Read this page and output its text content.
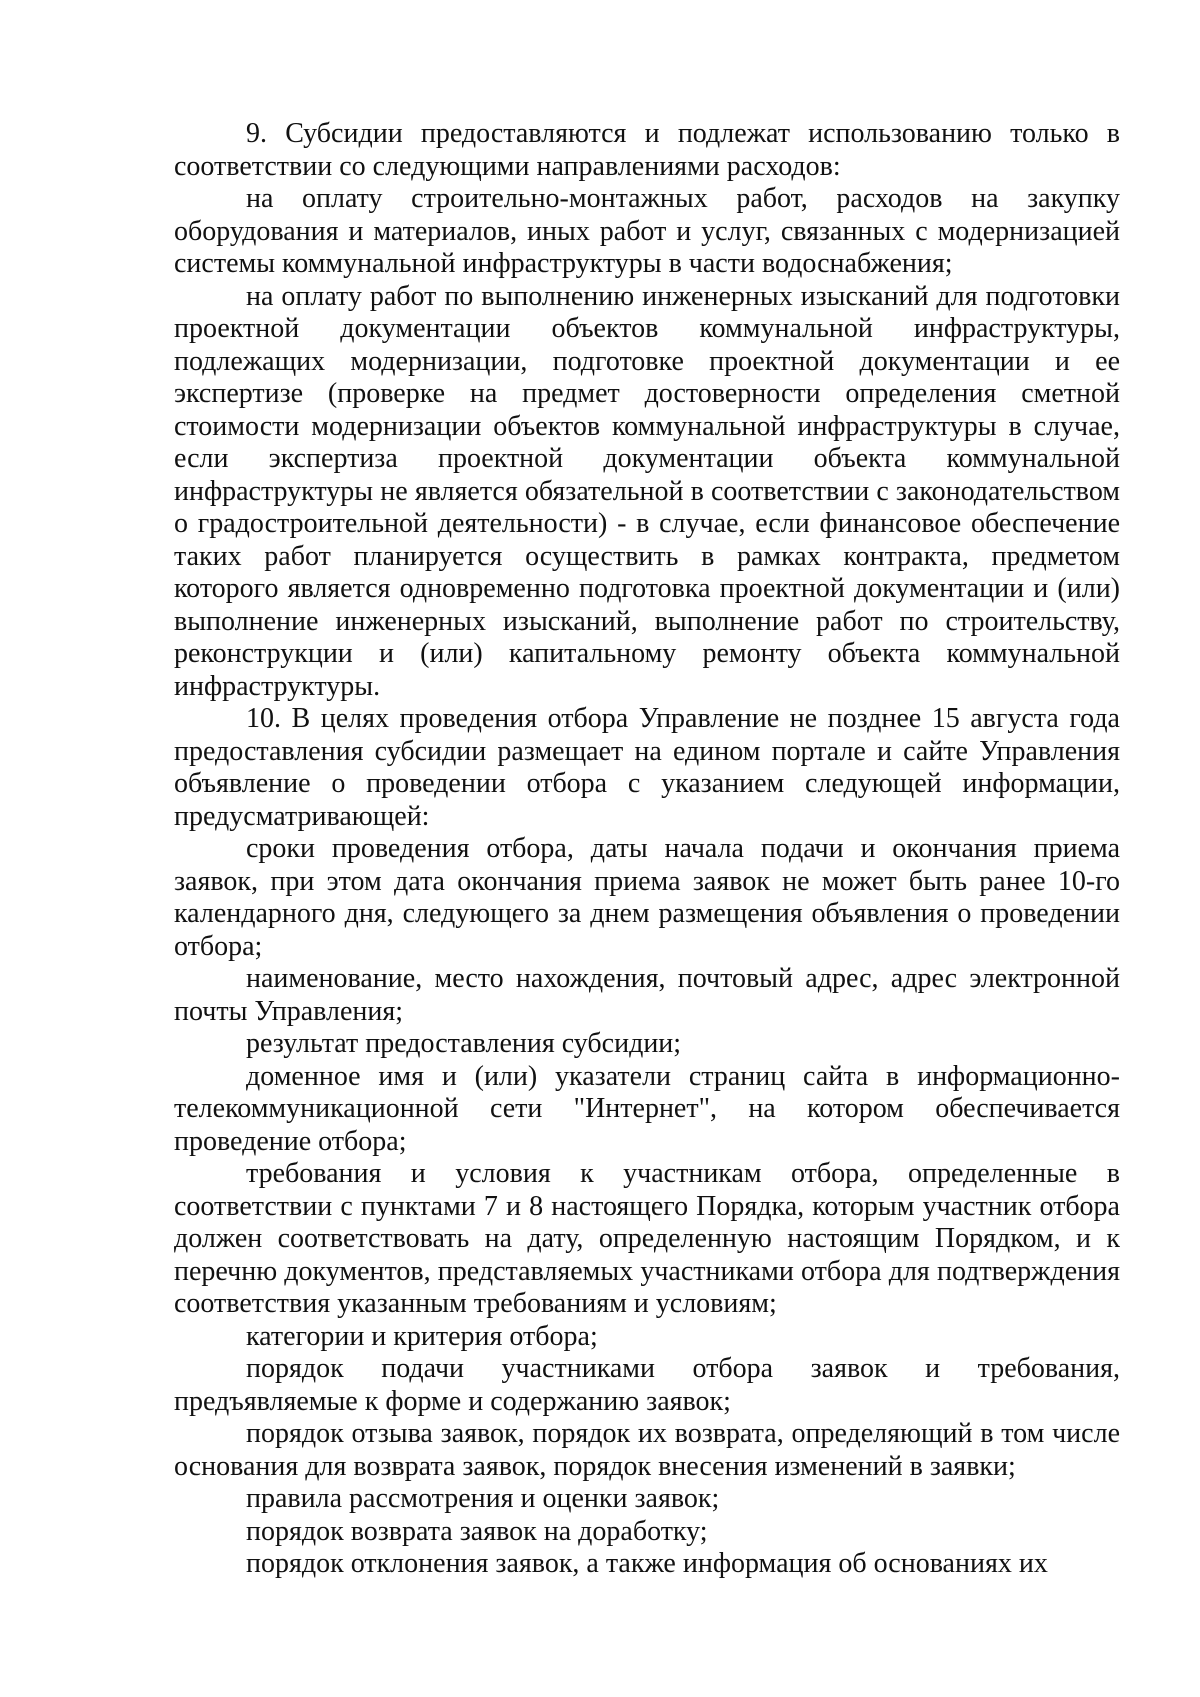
9. Субсидии предоставляются и подлежат использованию только в соответствии со следующими направлениями расходов:

на оплату строительно-монтажных работ, расходов на закупку оборудования и материалов, иных работ и услуг, связанных с модернизацией системы коммунальной инфраструктуры в части водоснабжения;

на оплату работ по выполнению инженерных изысканий для подготовки проектной документации объектов коммунальной инфраструктуры, подлежащих модернизации, подготовке проектной документации и ее экспертизе (проверке на предмет достоверности определения сметной стоимости модернизации объектов коммунальной инфраструктуры в случае, если экспертиза проектной документации объекта коммунальной инфраструктуры не является обязательной в соответствии с законодательством о градостроительной деятельности) - в случае, если финансовое обеспечение таких работ планируется осуществить в рамках контракта, предметом которого является одновременно подготовка проектной документации и (или) выполнение инженерных изысканий, выполнение работ по строительству, реконструкции и (или) капитальному ремонту объекта коммунальной инфраструктуры.

10. В целях проведения отбора Управление не позднее 15 августа года предоставления субсидии размещает на едином портале и сайте Управления объявление о проведении отбора с указанием следующей информации, предусматривающей:

сроки проведения отбора, даты начала подачи и окончания приема заявок, при этом дата окончания приема заявок не может быть ранее 10-го календарного дня, следующего за днем размещения объявления о проведении отбора;

наименование, место нахождения, почтовый адрес, адрес электронной почты Управления;

результат предоставления субсидии;

доменное имя и (или) указатели страниц сайта в информационно-телекоммуникационной сети "Интернет", на котором обеспечивается проведение отбора;

требования и условия к участникам отбора, определенные в соответствии с пунктами 7 и 8 настоящего Порядка, которым участник отбора должен соответствовать на дату, определенную настоящим Порядком, и к перечню документов, представляемых участниками отбора для подтверждения соответствия указанным требованиям и условиям;

категории и критерия отбора;

порядок подачи участниками отбора заявок и требования, предъявляемые к форме и содержанию заявок;

порядок отзыва заявок, порядок их возврата, определяющий в том числе основания для возврата заявок, порядок внесения изменений в заявки;

правила рассмотрения и оценки заявок;

порядок возврата заявок на доработку;

порядок отклонения заявок, а также информация об основаниях их
